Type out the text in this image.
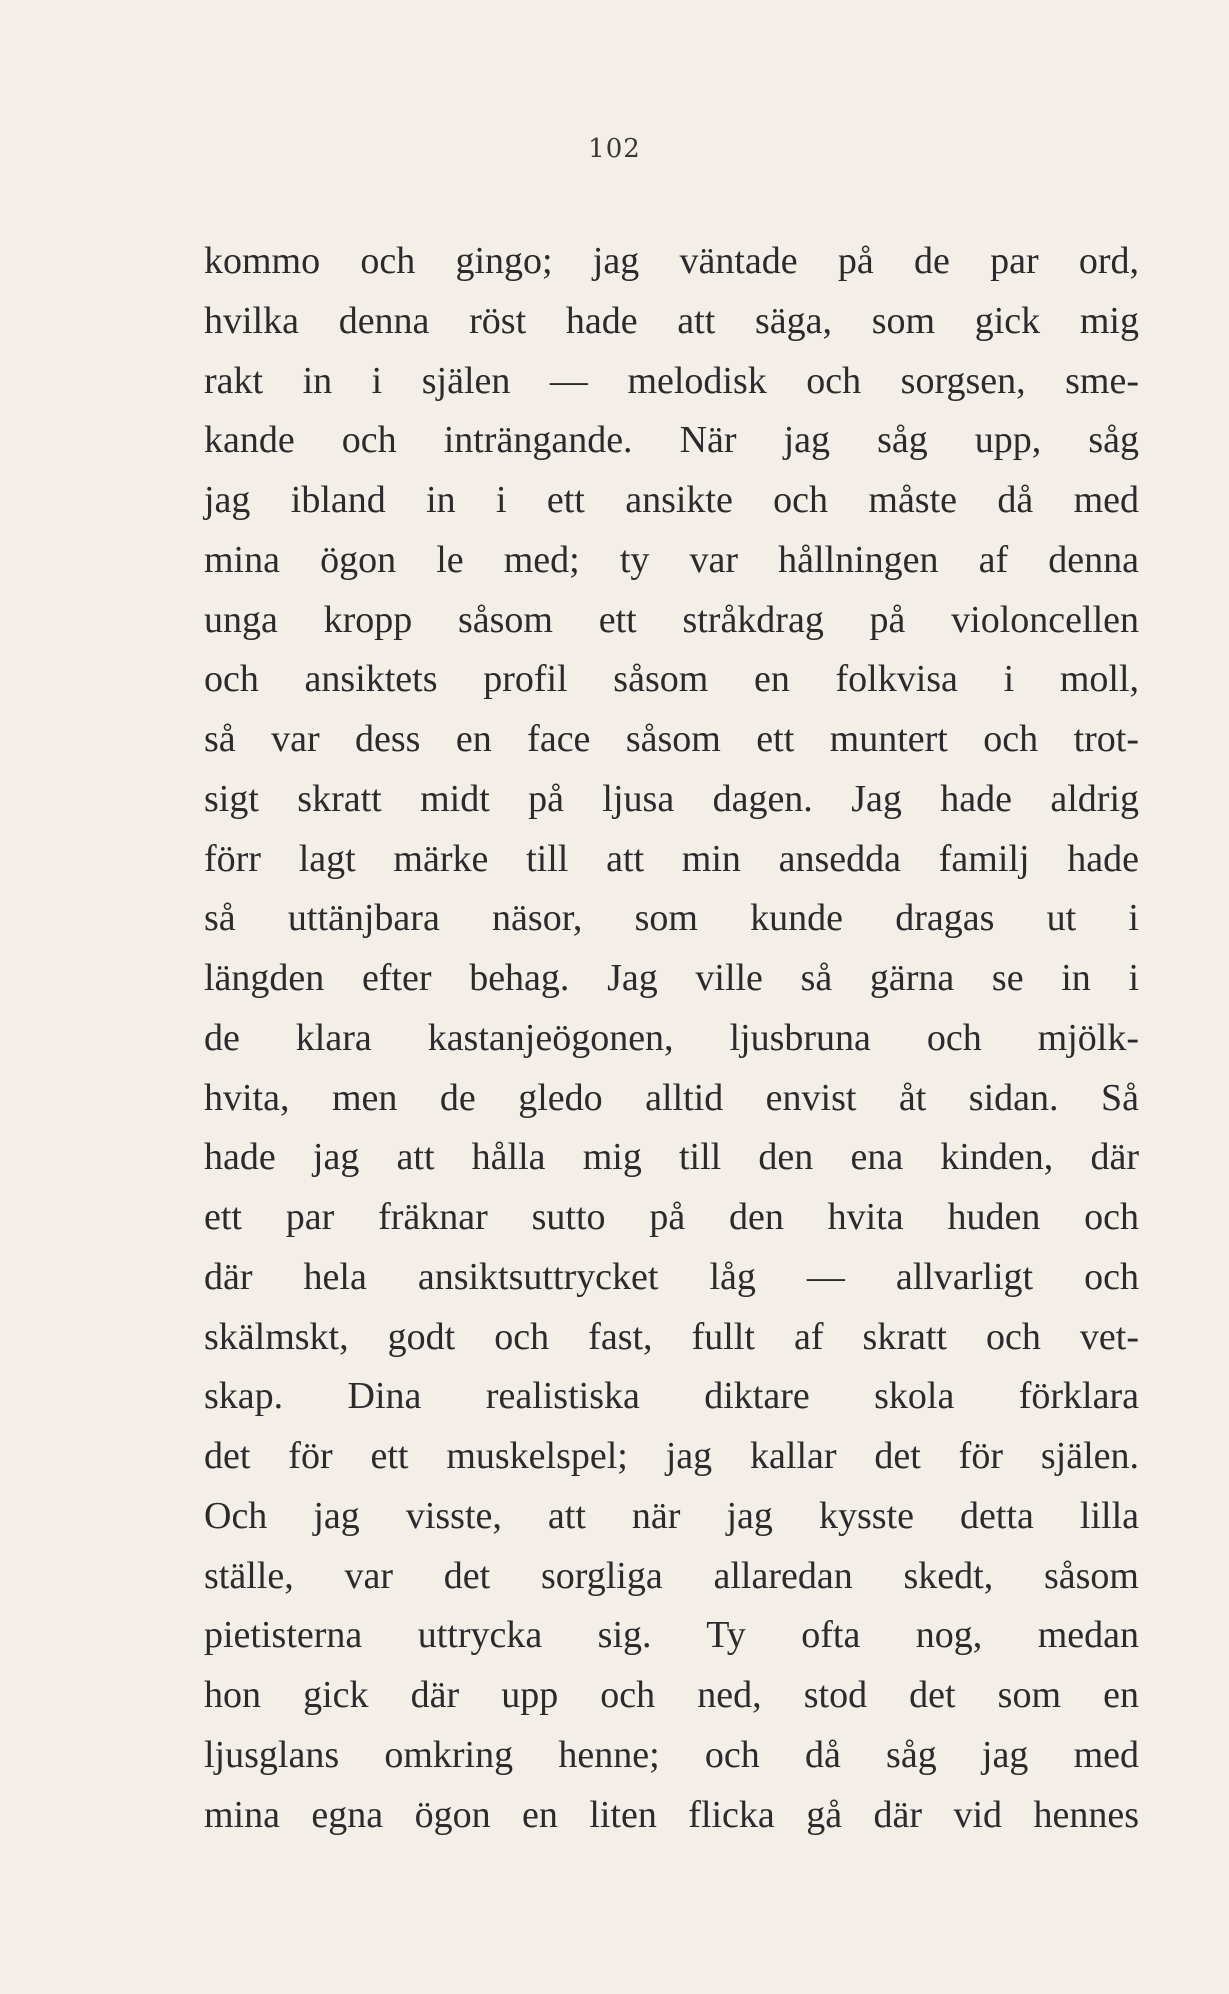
102
kommo och gingo; jag väntade på de par ord,
hvilka denna röst hade att säga, som gick mig
rakt in i själen — melodisk och sorgsen, sme-
kande och inträngande. När jag såg upp, såg
jag ibland in i ett ansikte och måste då med
mina ögon le med; ty var hållningen af denna
unga kropp såsom ett stråkdrag på violoncellen
och ansiktets profil såsom en folkvisa i moll,
så var dess en face såsom ett muntert och trot-
sigt skratt midt på ljusa dagen. Jag hade aldrig
förr lagt märke till att min ansedda familj hade
så uttänjbara näsor, som kunde dragas ut i
längden efter behag. Jag ville så gärna se in i
de klara kastanjeögonen, ljusbruna och mjölk-
hvita, men de gledo alltid envist åt sidan. Så
hade jag att hålla mig till den ena kinden, där
ett par fräknar sutto på den hvita huden och
där hela ansiktsuttrycket låg — allvarligt och
skälmskt, godt och fast, fullt af skratt och vet-
skap. Dina realistiska diktare skola förklara
det för ett muskelspel; jag kallar det för själen.
Och jag visste, att när jag kysste detta lilla
ställe, var det sorgliga allaredan skedt, såsom
pietisterna uttrycka sig. Ty ofta nog, medan
hon gick där upp och ned, stod det som en
ljusglans omkring henne; och då såg jag med
mina egna ögon en liten flicka gå där vid hennes
